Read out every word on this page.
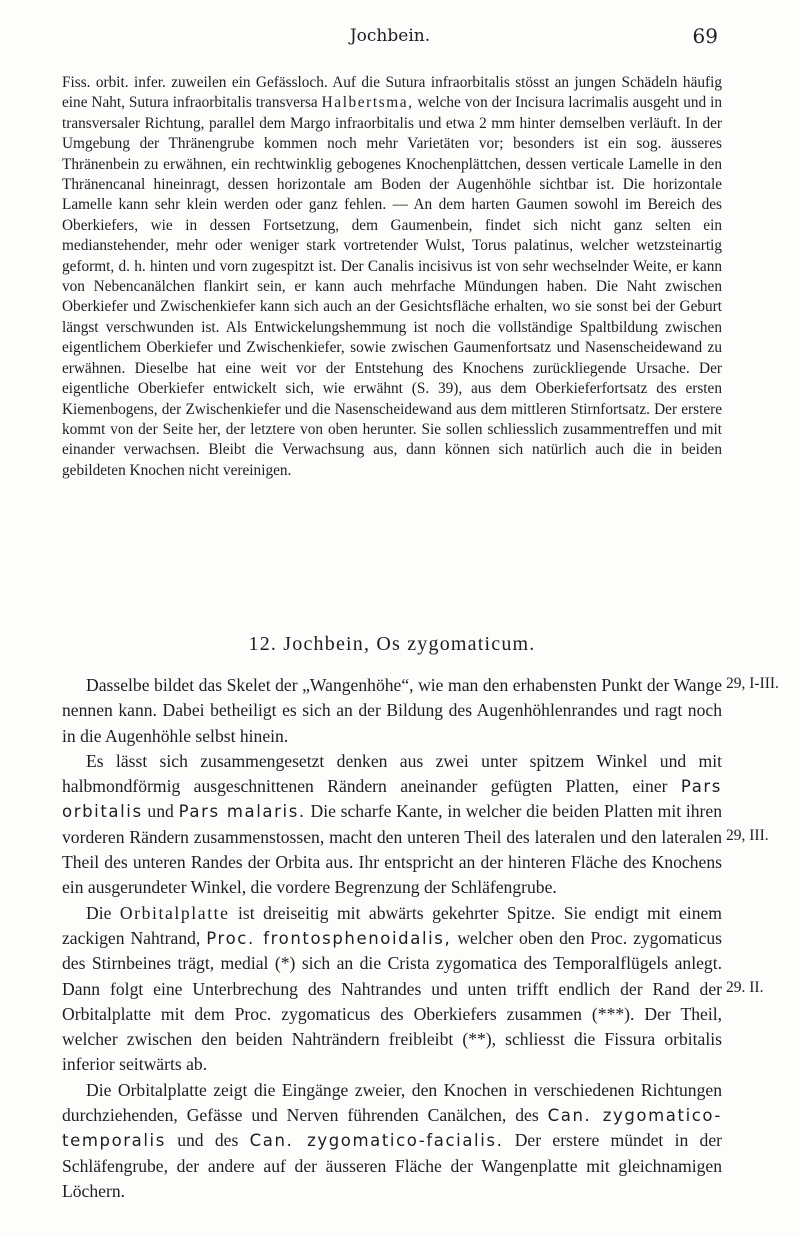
Jochbein.	69

Fiss. orbit. infer. zuweilen ein Gefässloch. Auf die Sutura infraorbitalis stösst an jungen Schädeln häufig eine Naht, Sutura infraorbitalis transversa Halbertsma, welche von der Incisura lacrimalis ausgeht und in transversaler Richtung, parallel dem Margo infraorbitalis und etwa 2 mm hinter demselben verläuft. In der Umgebung der Thränengrube kommen noch mehr Varietäten vor; besonders ist ein sog. äusseres Thränenbein zu erwähnen, ein rechtwinklig gebogenes Knochenplättchen, dessen verticale Lamelle in den Thränencanal hineinragt, dessen horizontale am Boden der Augenhöhle sichtbar ist. Die horizontale Lamelle kann sehr klein werden oder ganz fehlen. — An dem harten Gaumen sowohl im Bereich des Oberkiefers, wie in dessen Fortsetzung, dem Gaumenbein, findet sich nicht ganz selten ein medianstehender, mehr oder weniger stark vortretender Wulst, Torus palatinus, welcher wetzsteinartig geformt, d. h. hinten und vorn zugespitzt ist. Der Canalis incisivus ist von sehr wechselnder Weite, er kann von Nebencanälchen flankirt sein, er kann auch mehrfache Mündungen haben. Die Naht zwischen Oberkiefer und Zwischenkiefer kann sich auch an der Gesichtsfläche erhalten, wo sie sonst bei der Geburt längst verschwunden ist. Als Entwickelungshemmung ist noch die vollständige Spaltbildung zwischen eigentlichem Oberkiefer und Zwischenkiefer, sowie zwischen Gaumenfortsatz und Nasenscheidewand zu erwähnen. Dieselbe hat eine weit vor der Entstehung des Knochens zurückliegende Ursache. Der eigentliche Oberkiefer entwickelt sich, wie erwähnt (S. 39), aus dem Oberkieferfortsatz des ersten Kiemenbogens, der Zwischenkiefer und die Nasenscheidewand aus dem mittleren Stirnfortsatz. Der erstere kommt von der Seite her, der letztere von oben herunter. Sie sollen schliesslich zusammentreffen und mit einander verwachsen. Bleibt die Verwachsung aus, dann können sich natürlich auch die in beiden gebildeten Knochen nicht vereinigen.

12. Jochbein, Os zygomaticum.

Dasselbe bildet das Skelet der „Wangenhöhe“, wie man den erhabensten Punkt der Wange nennen kann. Dabei betheiligt es sich an der Bildung des Augenhöhlenrandes und ragt noch in die Augenhöhle selbst hinein.

Es lässt sich zusammengesetzt denken aus zwei unter spitzem Winkel und mit halbmondförmig ausgeschnittenen Rändern aneinander gefügten Platten, einer Pars orbitalis und Pars malaris. Die scharfe Kante, in welcher die beiden Platten mit ihren vorderen Rändern zusammenstossen, macht den unteren Theil des lateralen und den lateralen Theil des unteren Randes der Orbita aus. Ihr entspricht an der hinteren Fläche des Knochens ein ausgerundeter Winkel, die vordere Begrenzung der Schläfengrube.

Die Orbitalplatte ist dreiseitig mit abwärts gekehrter Spitze. Sie endigt mit einem zackigen Nahtrand, Proc. frontosphenoidalis, welcher oben den Proc. zygomaticus des Stirnbeines trägt, medial (*) sich an die Crista zygomatica des Temporalflügels anlegt. Dann folgt eine Unterbrechung des Nahtrandes und unten trifft endlich der Rand der Orbitalplatte mit dem Proc. zygomaticus des Oberkiefers zusammen (***). Der Theil, welcher zwischen den beiden Nahträndern freibleibt (**), schliesst die Fissura orbitalis inferior seitwärts ab.

Die Orbitalplatte zeigt die Eingänge zweier, den Knochen in verschiedenen Richtungen durchziehenden, Gefässe und Nerven führenden Canälchen, des Can. zygomatico-temporalis und des Can. zygomatico-facialis. Der erstere mündet in der Schläfengrube, der andere auf der äusseren Fläche der Wangenplatte mit gleichnamigen Löchern.

29, I-III.
29, III.
29. II.
